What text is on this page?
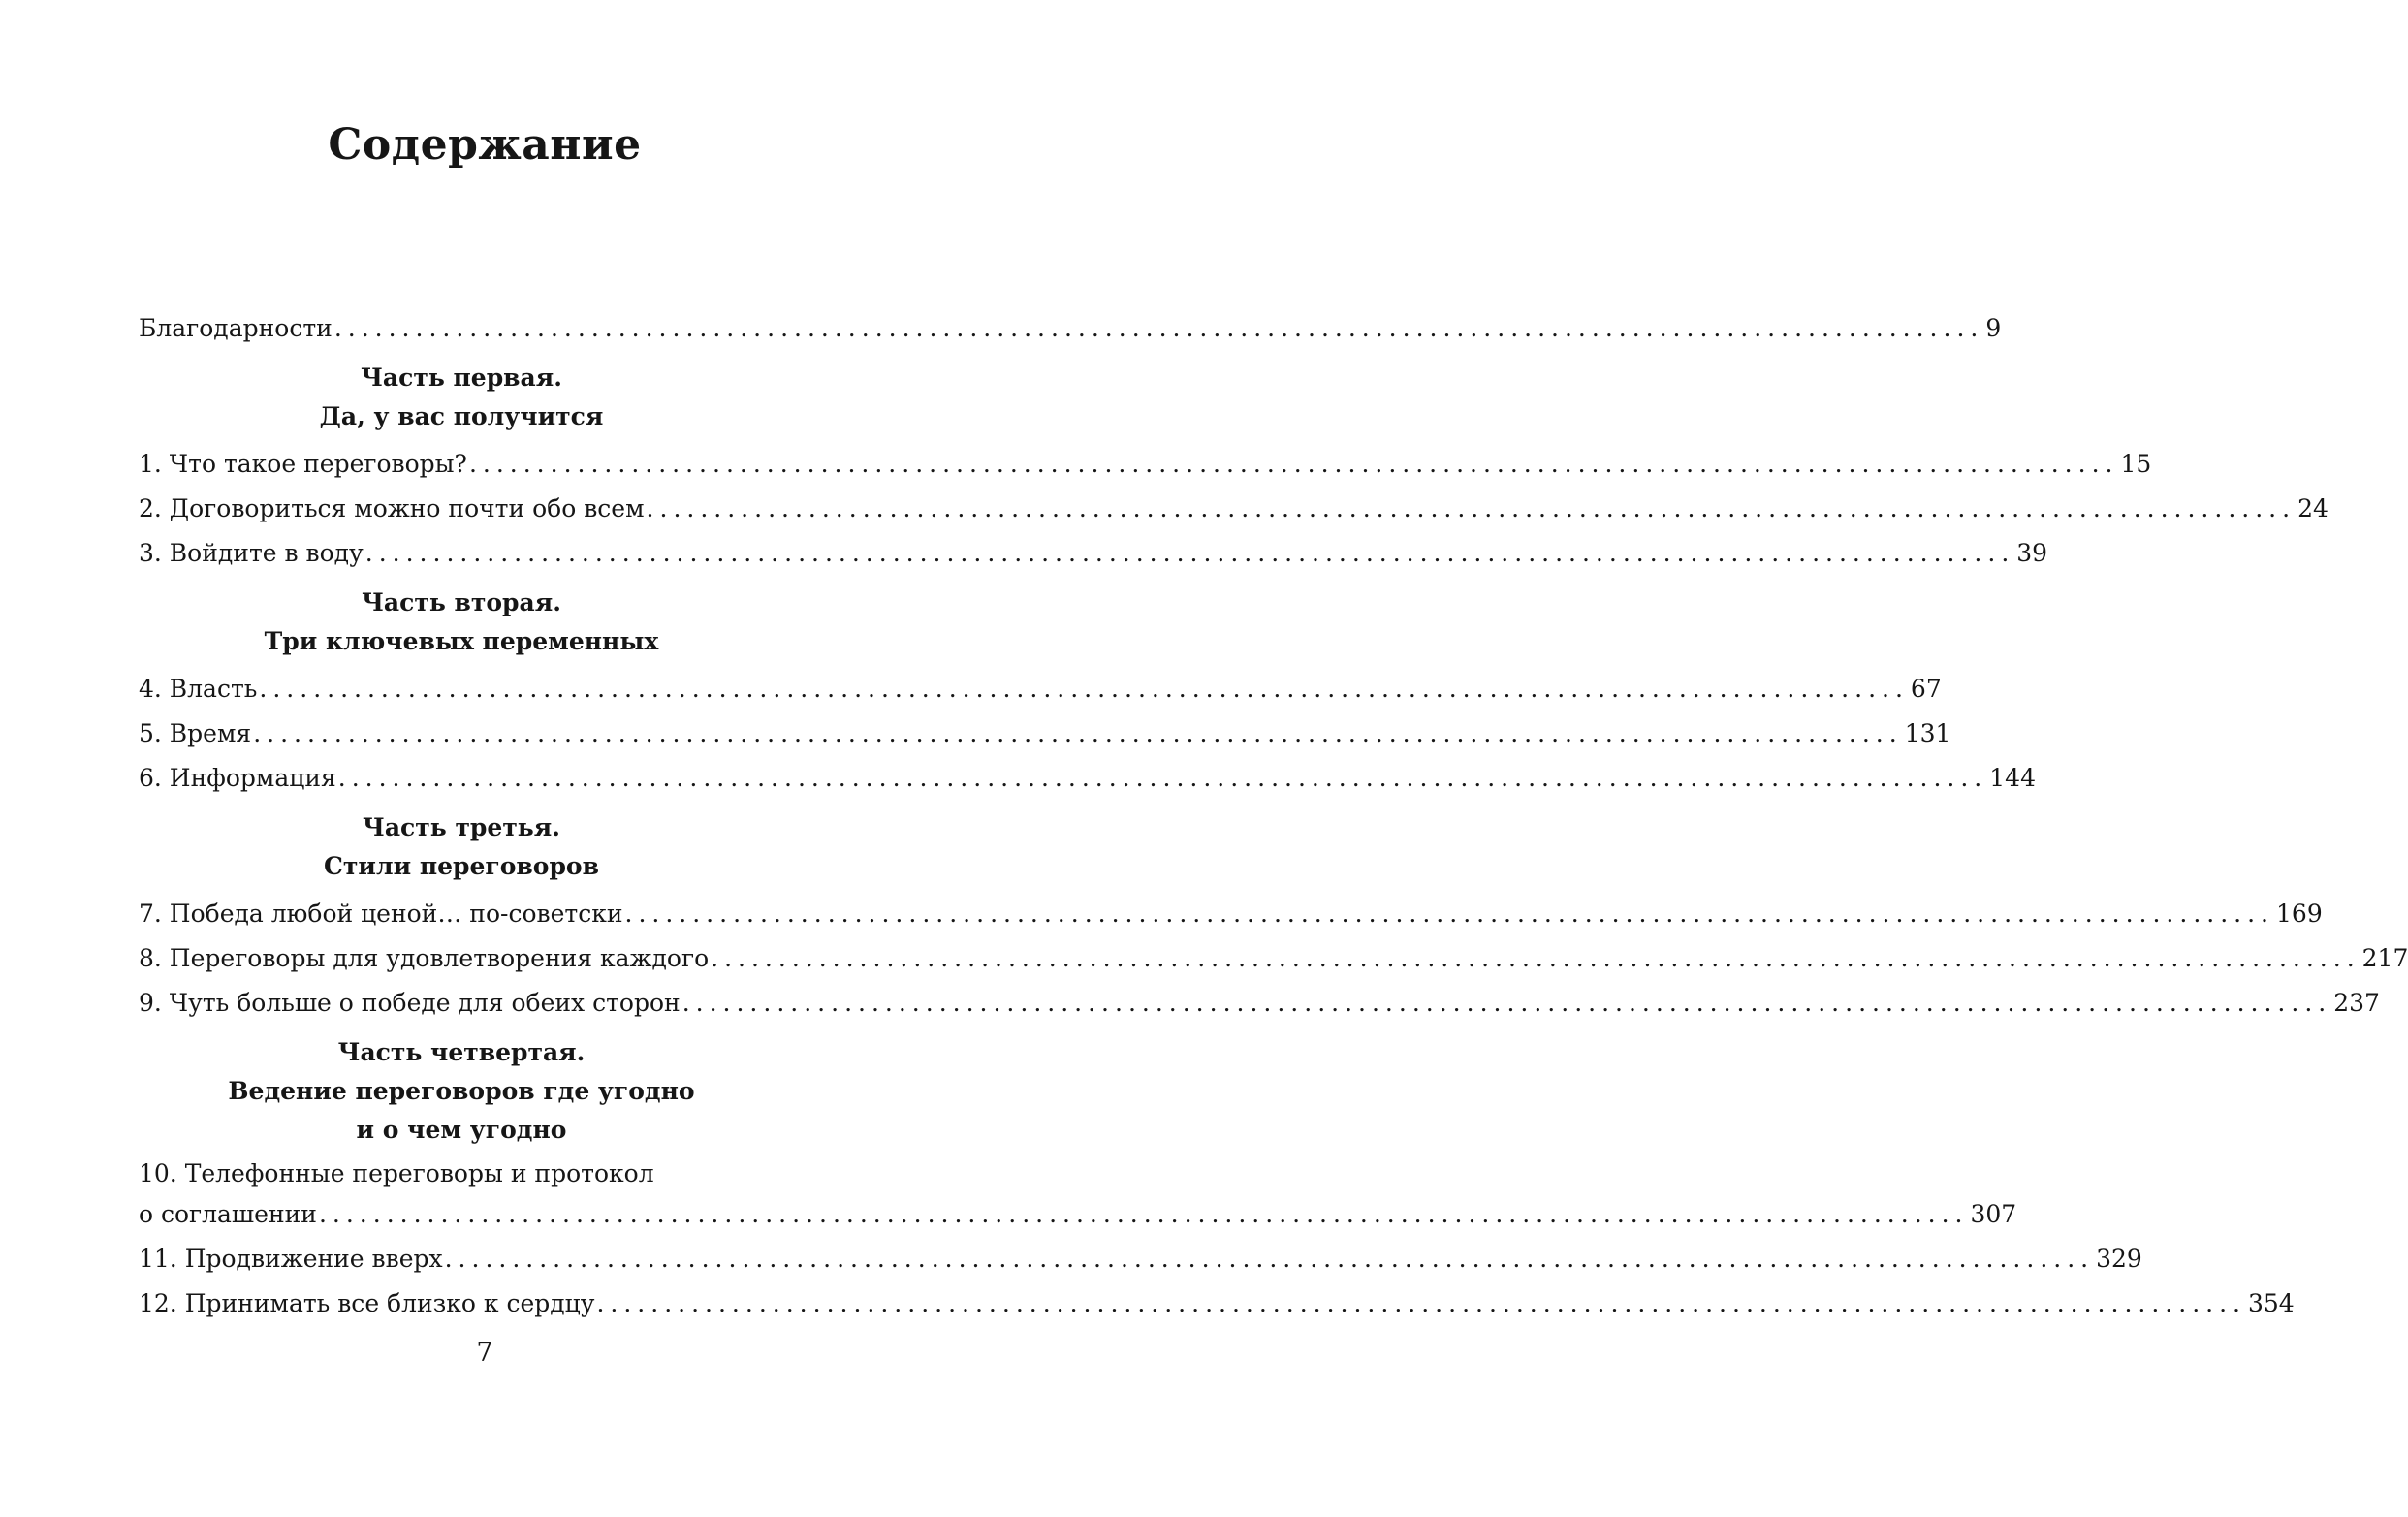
Содержание
Благодарности .......................................................................................................................... 9
Часть первая.
Да, у вас получится
1. Что такое переговоры? .......................................................................................................................... 15
2. Договориться можно почти обо всем .......................................................................................................................... 24
3. Войдите в воду .......................................................................................................................... 39
Часть вторая.
Три ключевых переменных
4. Власть .......................................................................................................................... 67
5. Время .......................................................................................................................... 131
6. Информация .......................................................................................................................... 144
Часть третья.
Стили переговоров
7. Победа любой ценой… по-советски .......................................................................................................................... 169
8. Переговоры для удовлетворения каждого .......................................................................................................................... 217
9. Чуть больше о победе для обеих сторон .......................................................................................................................... 237
Часть четвертая.
Ведение переговоров где угодно
и о чем угодно
10. Телефонные переговоры и протокол
о соглашении .......................................................................................................................... 307
11. Продвижение вверх .......................................................................................................................... 329
12. Принимать все близко к сердцу .......................................................................................................................... 354
7
